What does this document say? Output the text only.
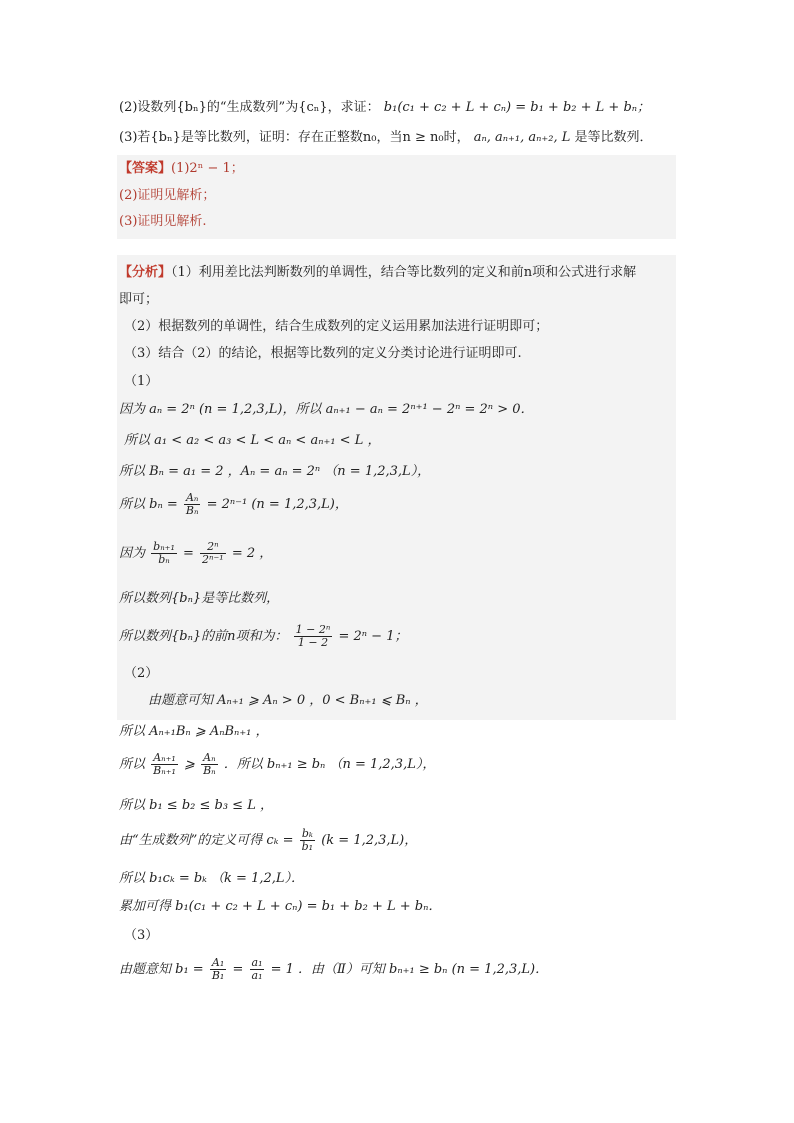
(2)设数列{bₙ}的“生成数列”为{cₙ}，求证： b₁(c₁ + c₂ + L + cₙ) = b₁ + b₂ + L + bₙ；
(3)若{bₙ}是等比数列，证明：存在正整数n₀，当n ≥ n₀时， aₙ, aₙ₊₁, aₙ₊₂, L 是等比数列．
【答案】(1)2ⁿ − 1；
(2)证明见解析；
(3)证明见解析.
【分析】（1）利用差比法判断数列的单调性，结合等比数列的定义和前n项和公式进行求解
即可；
（2）根据数列的单调性，结合生成数列的定义运用累加法进行证明即可；
（3）结合（2）的结论，根据等比数列的定义分类讨论进行证明即可.
（1）
因为 aₙ = 2ⁿ (n = 1,2,3,L)，所以 aₙ₊₁ − aₙ = 2ⁿ⁺¹ − 2ⁿ = 2ⁿ > 0．
所以 a₁ < a₂ < a₃ < L < aₙ < aₙ₊₁ < L ，
所以 Bₙ = a₁ = 2 ，Aₙ = aₙ = 2ⁿ （n = 1,2,3,L），
所以 $b_n = \frac{\text{Aₙ}}{\text{Bₙ}} = 2^{n-1}$ (n = 1,2,3,L)，
因为 $\frac{\text{bₙ₊₁}}{\text{bₙ}} = \frac{\text{2ⁿ}}{\text{2ⁿ⁻¹}} = 2$ ，
所以数列{bₙ}是等比数列，
所以数列{bₙ}的前n项和为： $\frac{\text{1 − 2ⁿ}}{1 - 2} = 2^n - 1$；
（2）
由题意可知 Aₙ₊₁ ⩾ Aₙ > 0 ，0 < Bₙ₊₁ ⩽ Bₙ ，
所以 Aₙ₊₁Bₙ ⩾ AₙBₙ₊₁ ，
所以 $\frac{\text{Aₙ₊₁}}{\text{Bₙ₊₁}}$ ⩾ $\frac{\text{Aₙ}}{\text{Bₙ}}$ ．所以 bₙ₊₁ ≥ bₙ （n = 1,2,3,L），
所以 b₁ ≤ b₂ ≤ b₃ ≤ L ，
由“生成数列”的定义可得 $c_k = \frac{\text{bₖ}}{\text{b₁}} (k = 1,2,3,L)$，
所以 b₁cₖ = bₖ （k = 1,2,L）．
累加可得 b₁(c₁ + c₂ + L + cₙ) = b₁ + b₂ + L + bₙ．
（3）
由题意知 $b_1 = \frac{\text{A₁}}{\text{B₁}} = \frac{\text{a₁}}{\text{a₁}} = 1$ ．由（Ⅱ）可知 bₙ₊₁ ≥ bₙ (n = 1,2,3,L)．
